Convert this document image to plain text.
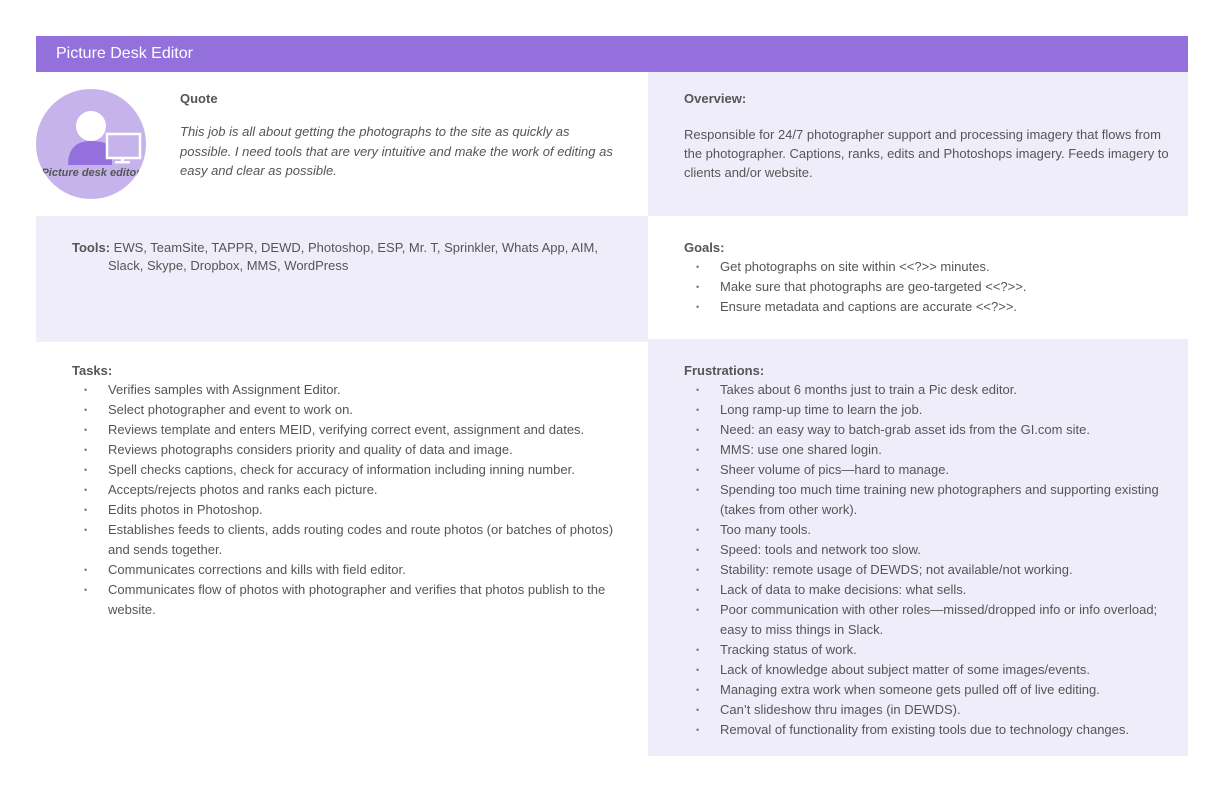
Picture Desk Editor
Picture desk editor
Quote
This job is all about getting the photographs to the site as quickly as possible. I need tools that are very intuitive and make the work of editing as easy and clear as possible.
Overview:
Responsible for 24/7 photographer support and processing imagery that flows from the photographer. Captions, ranks, edits and Photoshops imagery. Feeds imagery to clients and/or website.
Tools: EWS, TeamSite, TAPPR, DEWD, Photoshop, ESP, Mr. T, Sprinkler, Whats App, AIM, Slack, Skype, Dropbox, MMS, WordPress
Goals:
• Get photographs on site within <<?>> minutes.
• Make sure that photographs are geo-targeted <<?>>.
• Ensure metadata and captions are accurate <<?>>.
Tasks:
• Verifies samples with Assignment Editor.
• Select photographer and event to work on.
• Reviews template and enters MEID, verifying correct event, assignment and dates.
• Reviews photographs considers priority and quality of data and image.
• Spell checks captions, check for accuracy of information including inning number.
• Accepts/rejects photos and ranks each picture.
• Edits photos in Photoshop.
• Establishes feeds to clients, adds routing codes and route photos (or batches of photos) and sends together.
• Communicates corrections and kills with field editor.
• Communicates flow of photos with photographer and verifies that photos publish to the website.
Frustrations:
• Takes about 6 months just to train a Pic desk editor.
• Long ramp-up time to learn the job.
• Need: an easy way to batch-grab asset ids from the GI.com site.
• MMS: use one shared login.
• Sheer volume of pics—hard to manage.
• Spending too much time training new photographers and supporting existing (takes from other work).
• Too many tools.
• Speed: tools and network too slow.
• Stability: remote usage of DEWDS; not available/not working.
• Lack of data to make decisions: what sells.
• Poor communication with other roles—missed/dropped info or info overload; easy to miss things in Slack.
• Tracking status of work.
• Lack of knowledge about subject matter of some images/events.
• Managing extra work when someone gets pulled off of live editing.
• Can’t slideshow thru images (in DEWDS).
• Removal of functionality from existing tools due to technology changes.
